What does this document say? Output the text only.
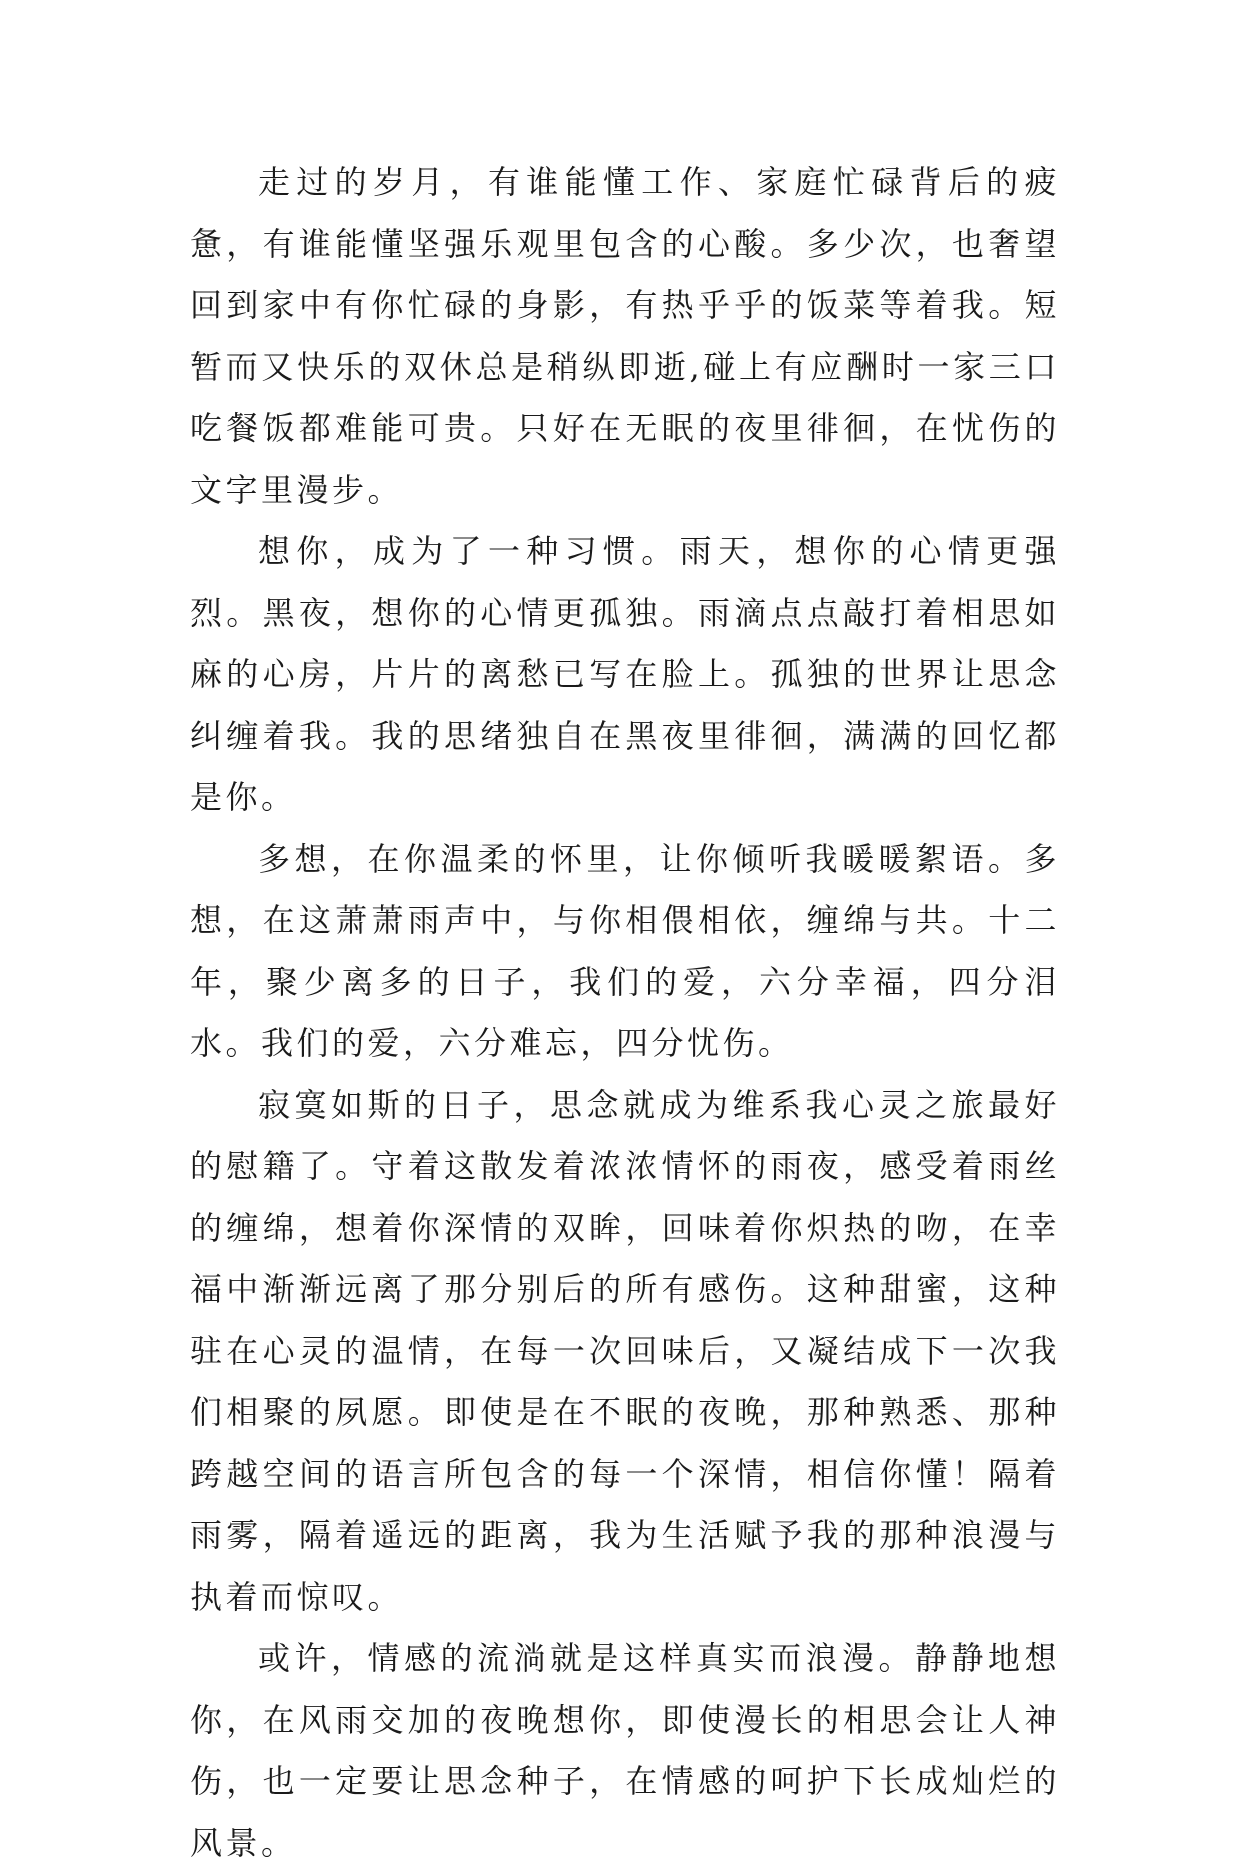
走过的岁月，有谁能懂工作、家庭忙碌背后的疲惫，有谁能懂坚强乐观里包含的心酸。多少次，也奢望回到家中有你忙碌的身影，有热乎乎的饭菜等着我。短暂而又快乐的双休总是稍纵即逝,碰上有应酬时一家三口吃餐饭都难能可贵。只好在无眠的夜里徘徊，在忧伤的文字里漫步。

想你，成为了一种习惯。雨天，想你的心情更强烈。黑夜，想你的心情更孤独。雨滴点点敲打着相思如麻的心房，片片的离愁已写在脸上。孤独的世界让思念纠缠着我。我的思绪独自在黑夜里徘徊，满满的回忆都是你。

多想，在你温柔的怀里，让你倾听我暖暖絮语。多想，在这萧萧雨声中，与你相偎相依，缠绵与共。十二年，聚少离多的日子，我们的爱，六分幸福，四分泪水。我们的爱，六分难忘，四分忧伤。

寂寞如斯的日子，思念就成为维系我心灵之旅最好的慰籍了。守着这散发着浓浓情怀的雨夜，感受着雨丝的缠绵，想着你深情的双眸，回味着你炽热的吻，在幸福中渐渐远离了那分别后的所有感伤。这种甜蜜，这种驻在心灵的温情，在每一次回味后，又凝结成下一次我们相聚的夙愿。即使是在不眠的夜晚，那种熟悉、那种跨越空间的语言所包含的每一个深情，相信你懂！隔着雨雾，隔着遥远的距离，我为生活赋予我的那种浪漫与执着而惊叹。

或许，情感的流淌就是这样真实而浪漫。静静地想你，在风雨交加的夜晚想你，即使漫长的相思会让人神伤，也一定要让思念种子，在情感的呵护下长成灿烂的风景。
